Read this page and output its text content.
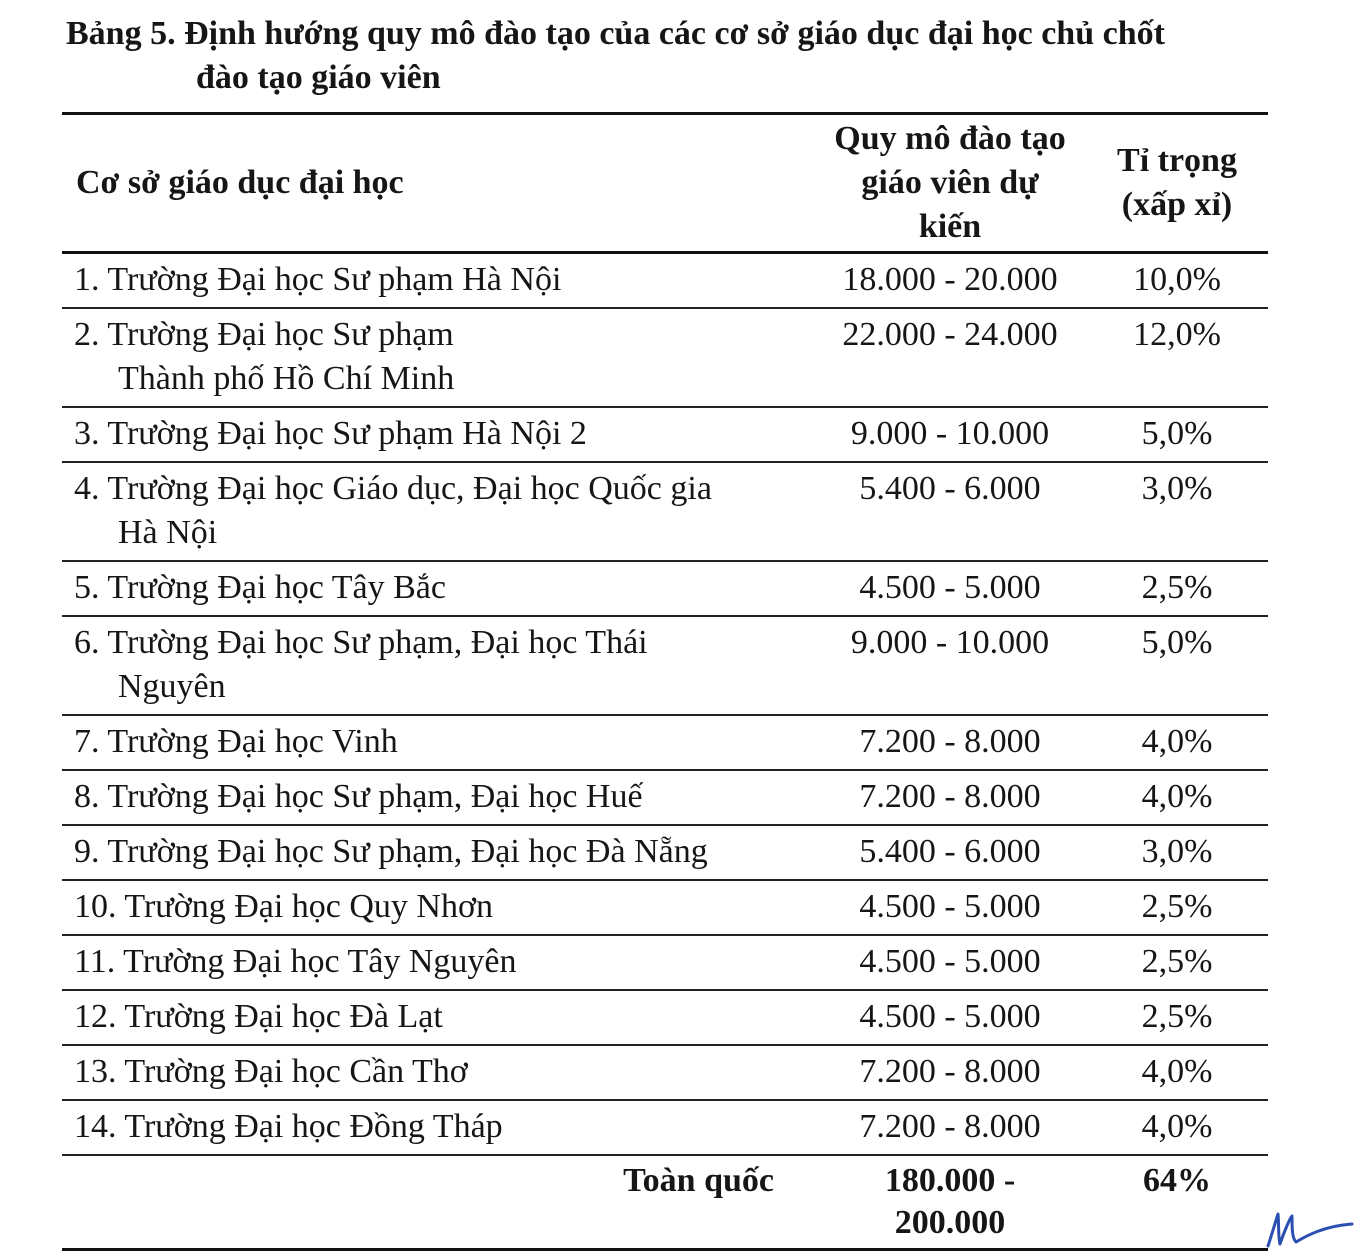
Bảng 5. Định hướng quy mô đào tạo của các cơ sở giáo dục đại học chủ chốt
đào tạo giáo viên
Cơ sở giáo dục đại học	Quy mô đào tạo giáo viên dự kiến	Tỉ trọng (xấp xỉ)
1. Trường Đại học Sư phạm Hà Nội	18.000 - 20.000	10,0%
2. Trường Đại học Sư phạm
Thành phố Hồ Chí Minh	22.000 - 24.000	12,0%
3. Trường Đại học Sư phạm Hà Nội 2	9.000 - 10.000	5,0%
4. Trường Đại học Giáo dục, Đại học Quốc gia
Hà Nội	5.400 - 6.000	3,0%
5. Trường Đại học Tây Bắc	4.500 - 5.000	2,5%
6. Trường Đại học Sư phạm, Đại học Thái
Nguyên	9.000 - 10.000	5,0%
7. Trường Đại học Vinh	7.200 - 8.000	4,0%
8. Trường Đại học Sư phạm, Đại học Huế	7.200 - 8.000	4,0%
9. Trường Đại học Sư phạm, Đại học Đà Nẵng	5.400 - 6.000	3,0%
10. Trường Đại học Quy Nhơn	4.500 - 5.000	2,5%
11. Trường Đại học Tây Nguyên	4.500 - 5.000	2,5%
12. Trường Đại học Đà Lạt	4.500 - 5.000	2,5%
13. Trường Đại học Cần Thơ	7.200 - 8.000	4,0%
14. Trường Đại học Đồng Tháp	7.200 - 8.000	4,0%
Toàn quốc	180.000 -
200.000	64%
